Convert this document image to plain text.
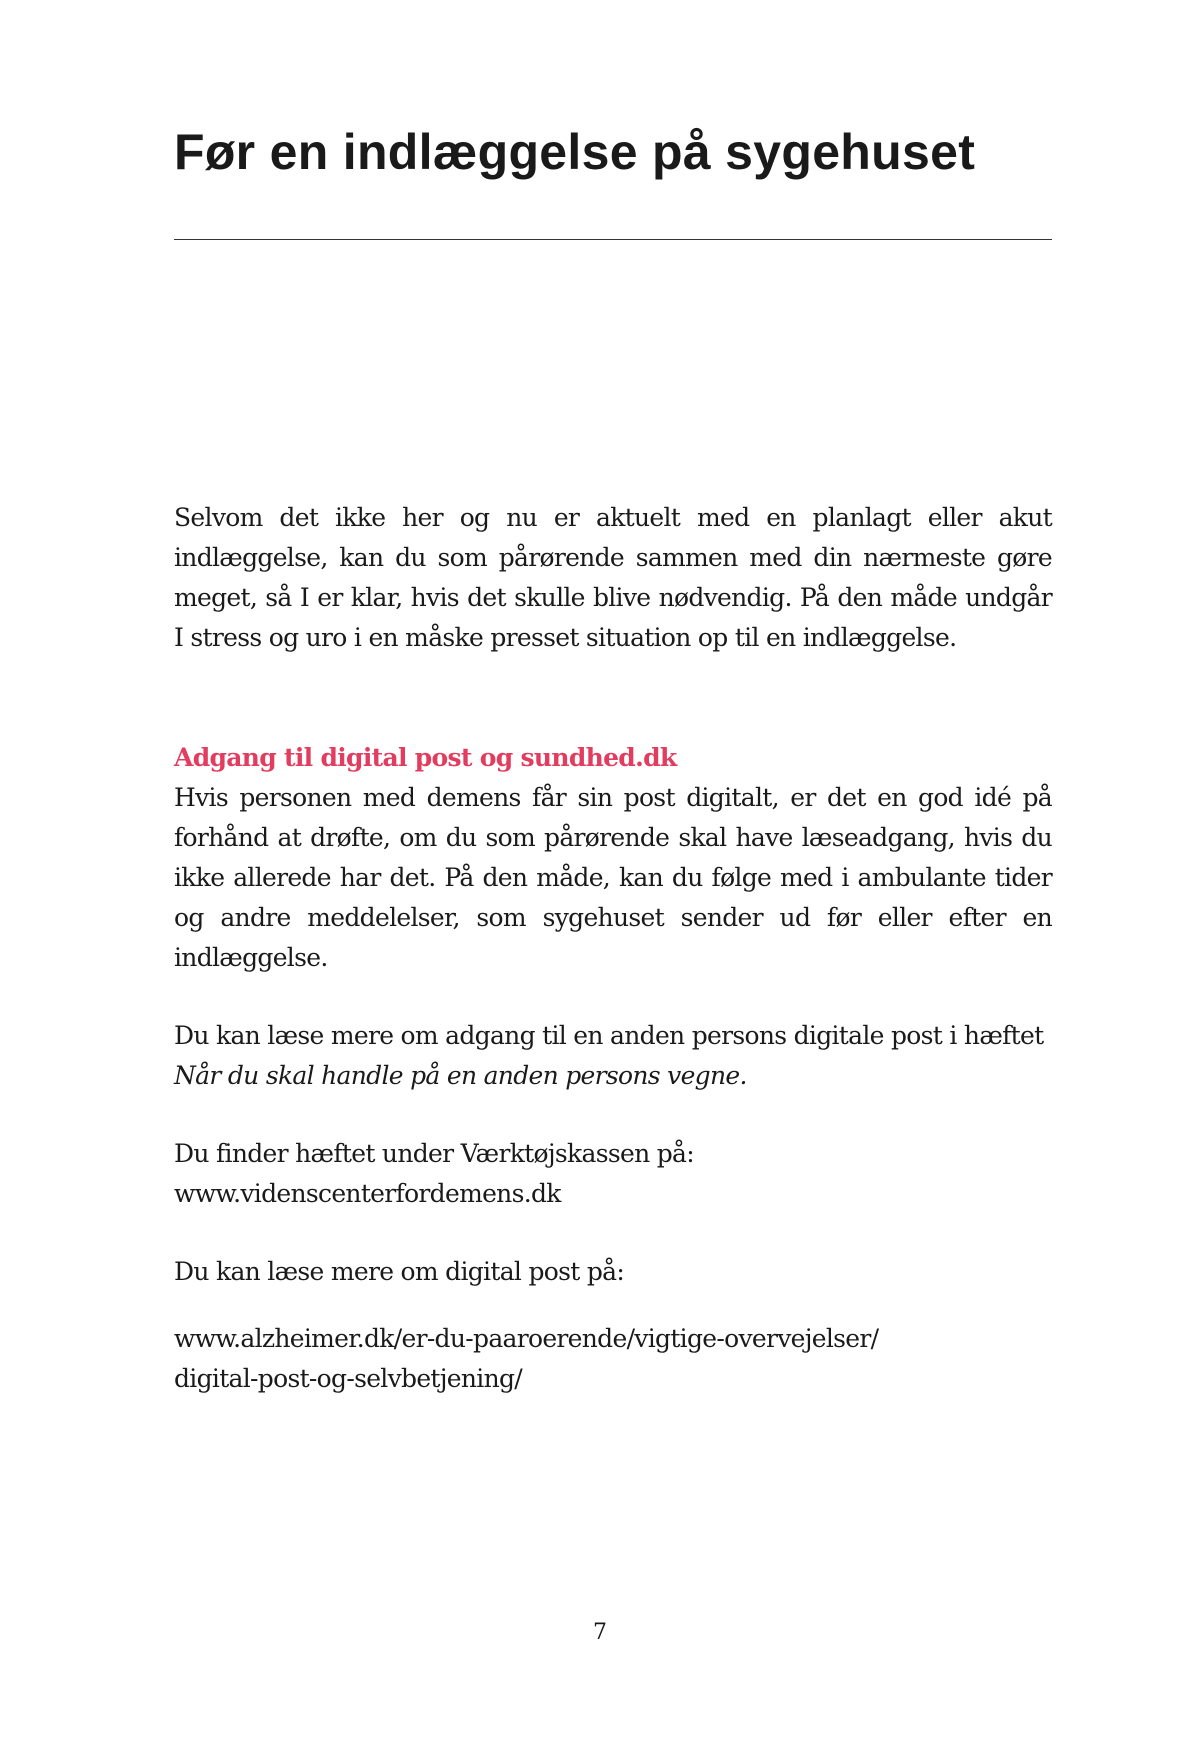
Før en indlæggelse på sygehuset

Selvom det ikke her og nu er aktuelt med en planlagt eller akut indlæggelse, kan du som pårørende sammen med din nærmeste gøre meget, så I er klar, hvis det skulle blive nødvendig. På den måde undgår I stress og uro i en måske presset situation op til en indlæggelse.

Adgang til digital post og sundhed.dk

Hvis personen med demens får sin post digitalt, er det en god idé på forhånd at drøfte, om du som pårørende skal have læseadgang, hvis du ikke allerede har det. På den måde, kan du følge med i ambulante tider og andre meddelelser, som sygehuset sender ud før eller efter en indlæggelse.

Du kan læse mere om adgang til en anden persons digitale post i hæftet
Når du skal handle på en anden persons vegne.

Du finder hæftet under Værktøjskassen på:
www.videnscenterfordemens.dk

Du kan læse mere om digital post på:

www.alzheimer.dk/er-du-paaroerende/vigtige-overvejelser/
digital-post-og-selvbetjening/

7
